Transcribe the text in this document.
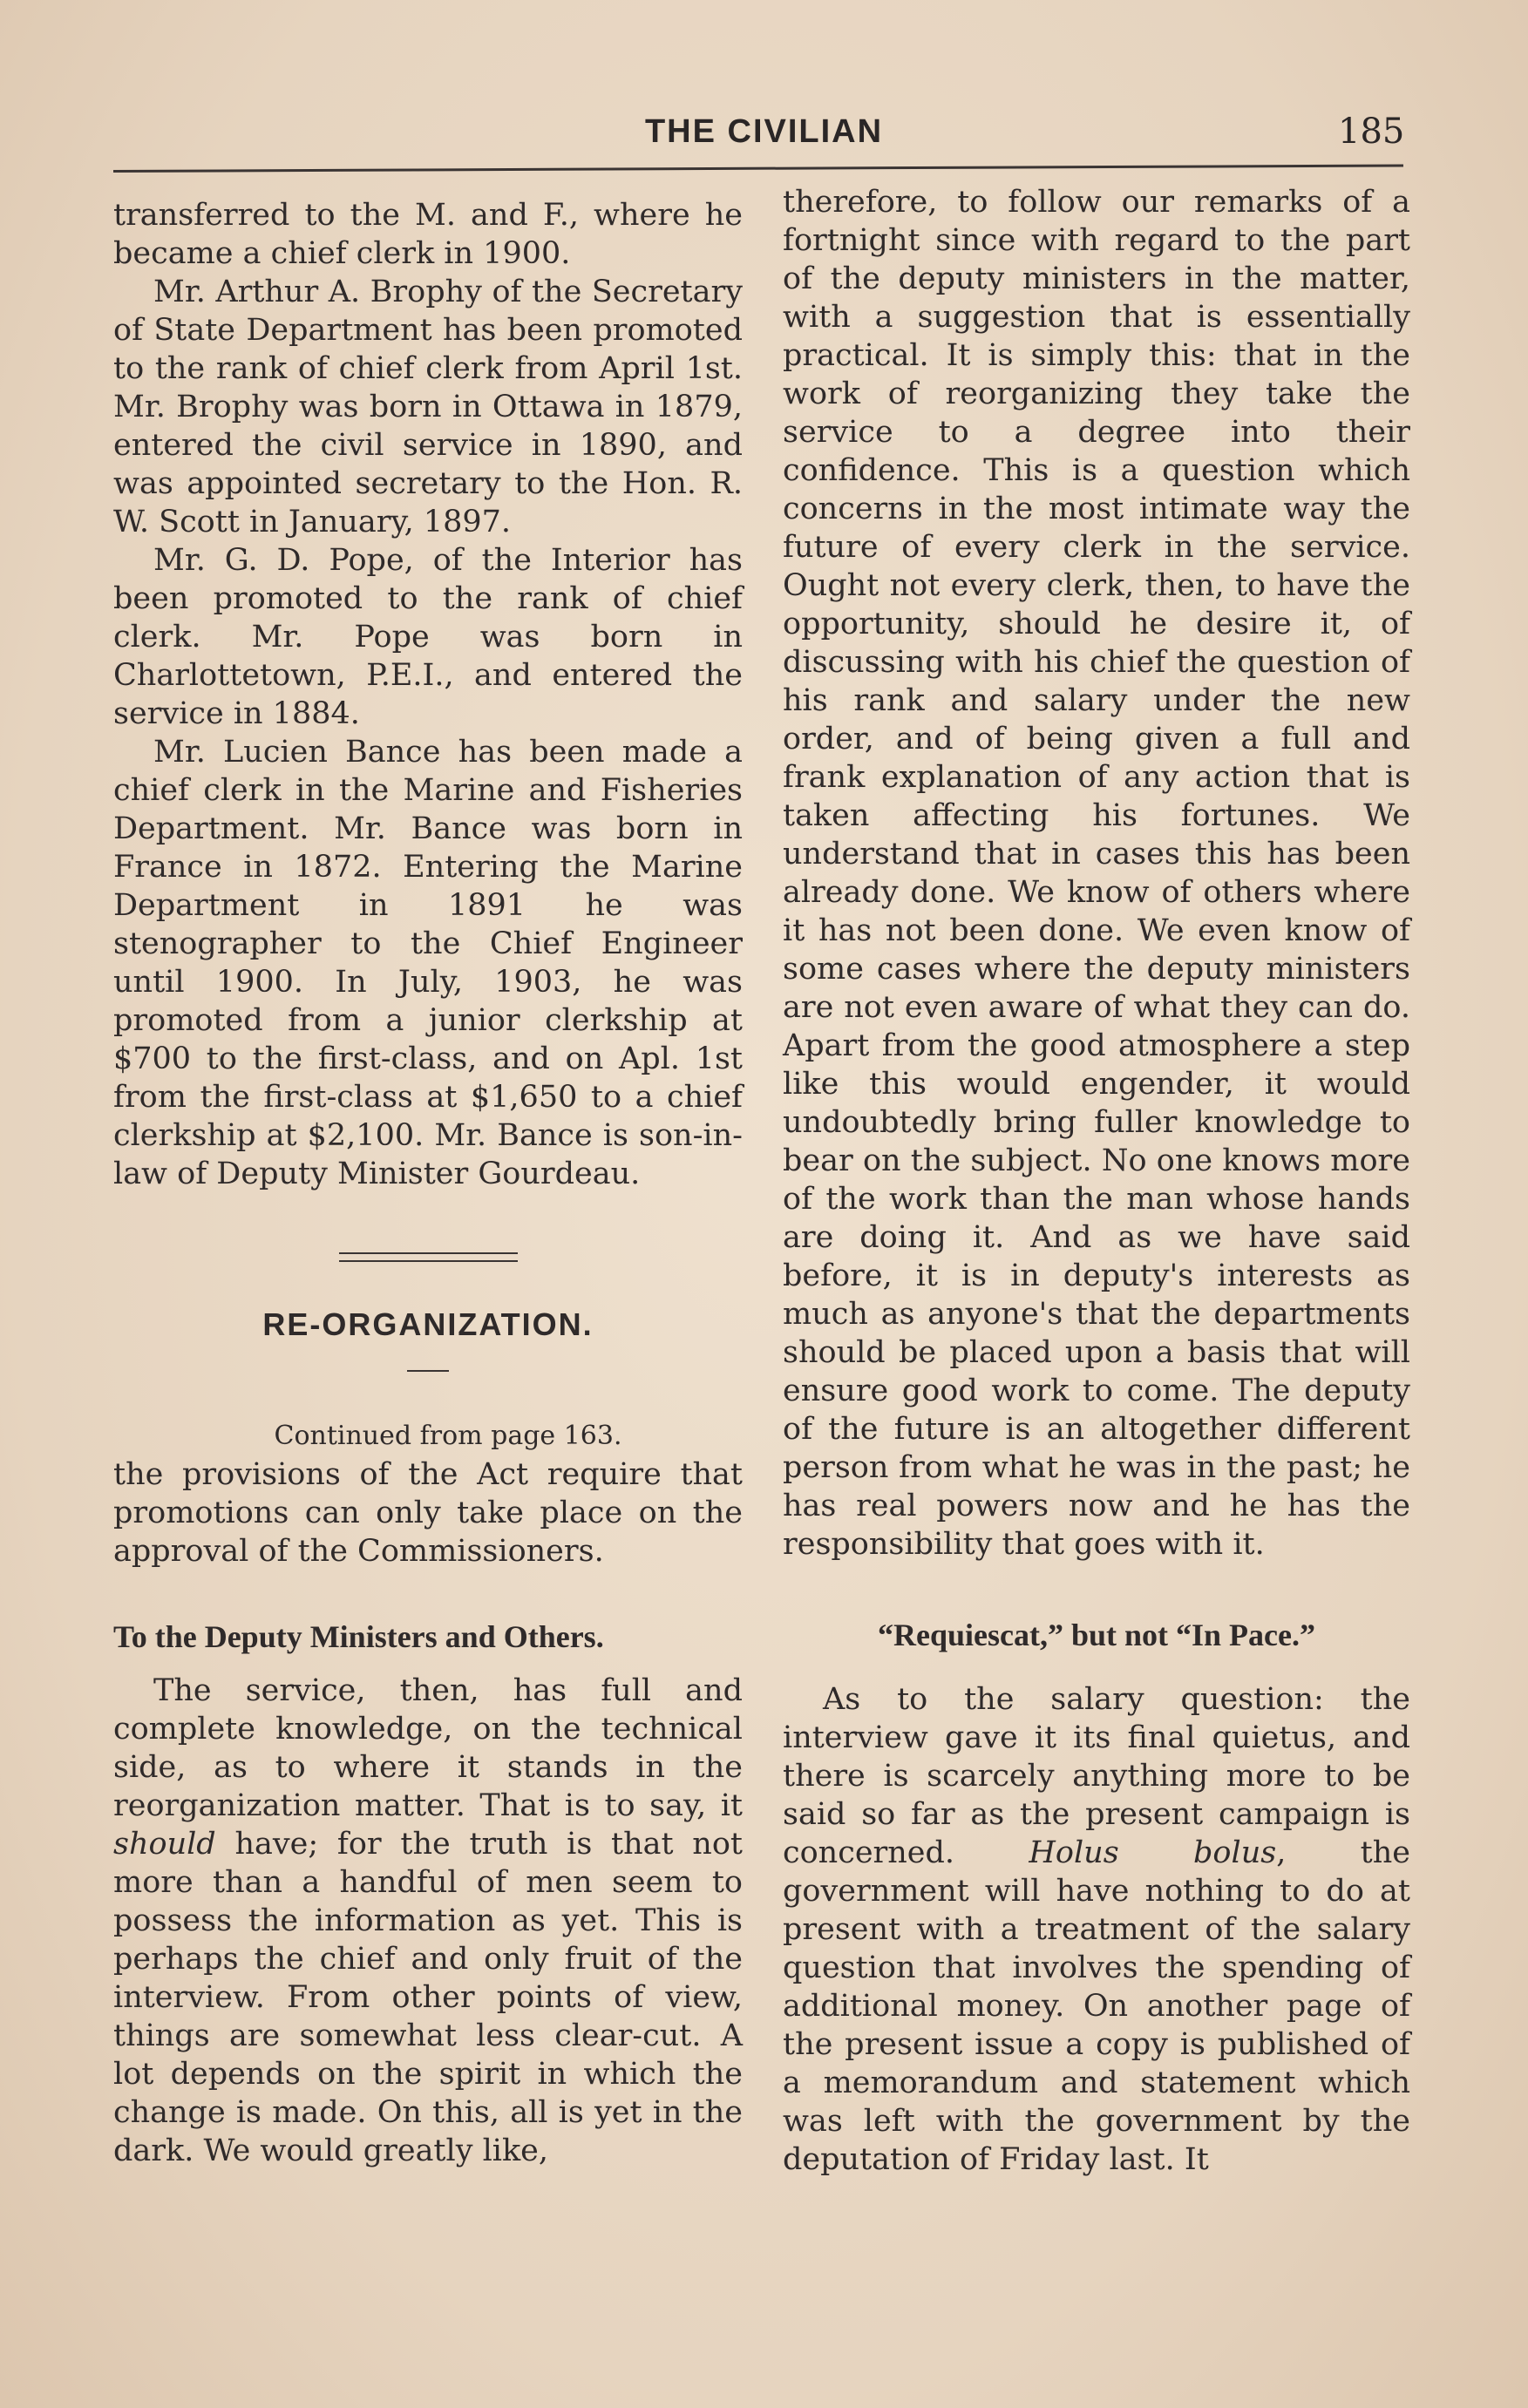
THE CIVILIAN	185

transferred to the M. and F., where he became a chief clerk in 1900.

Mr. Arthur A. Brophy of the Secretary of State Department has been promoted to the rank of chief clerk from April 1st. Mr. Brophy was born in Ottawa in 1879, entered the civil service in 1890, and was appointed secretary to the Hon. R. W. Scott in January, 1897.

Mr. G. D. Pope, of the Interior has been promoted to the rank of chief clerk. Mr. Pope was born in Charlottetown, P.E.I., and entered the service in 1884.

Mr. Lucien Bance has been made a chief clerk in the Marine and Fisheries Department. Mr. Bance was born in France in 1872. Entering the Marine Department in 1891 he was stenographer to the Chief Engineer until 1900. In July, 1903, he was promoted from a junior clerkship at $700 to the first-class, and on Apl. 1st from the first-class at $1,650 to a chief clerkship at $2,100. Mr. Bance is son-in-law of Deputy Minister Gourdeau.

RE-ORGANIZATION.

Continued from page 163.

the provisions of the Act require that promotions can only take place on the approval of the Commissioners.

To the Deputy Ministers and Others.

The service, then, has full and complete knowledge, on the technical side, as to where it stands in the reorganization matter. That is to say, it should have; for the truth is that not more than a handful of men seem to possess the information as yet. This is perhaps the chief and only fruit of the interview. From other points of view, things are somewhat less clear-cut. A lot depends on the spirit in which the change is made. On this, all is yet in the dark. We would greatly like,

therefore, to follow our remarks of a fortnight since with regard to the part of the deputy ministers in the matter, with a suggestion that is essentially practical. It is simply this: that in the work of reorganizing they take the service to a degree into their confidence. This is a question which concerns in the most intimate way the future of every clerk in the service. Ought not every clerk, then, to have the opportunity, should he desire it, of discussing with his chief the question of his rank and salary under the new order, and of being given a full and frank explanation of any action that is taken affecting his fortunes. We understand that in cases this has been already done. We know of others where it has not been done. We even know of some cases where the deputy ministers are not even aware of what they can do. Apart from the good atmosphere a step like this would engender, it would undoubtedly bring fuller knowledge to bear on the subject. No one knows more of the work than the man whose hands are doing it. And as we have said before, it is in deputy's interests as much as anyone's that the departments should be placed upon a basis that will ensure good work to come. The deputy of the future is an altogether different person from what he was in the past; he has real powers now and he has the responsibility that goes with it.

“Requiescat,” but not “In Pace.”

As to the salary question: the interview gave it its final quietus, and there is scarcely anything more to be said so far as the present campaign is concerned. Holus bolus, the government will have nothing to do at present with a treatment of the salary question that involves the spending of additional money. On another page of the present issue a copy is published of a memorandum and statement which was left with the government by the deputation of Friday last. It
